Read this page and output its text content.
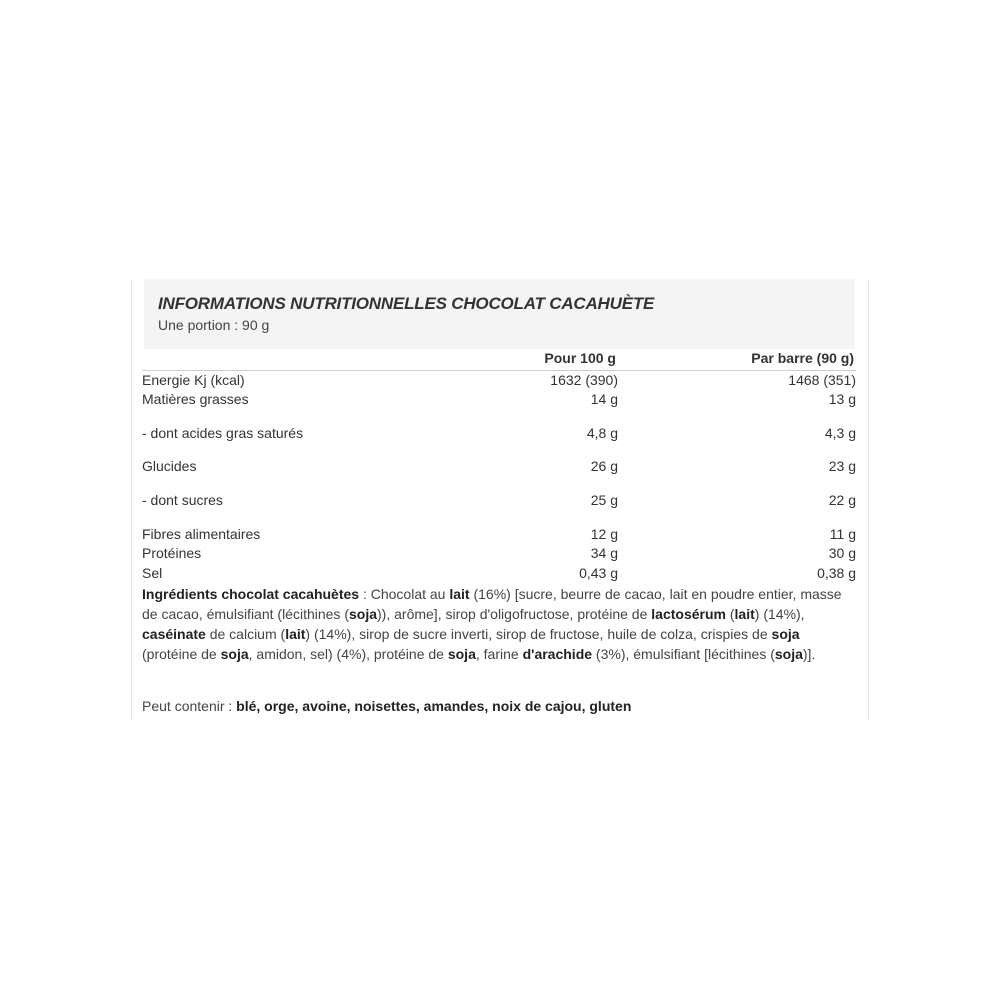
INFORMATIONS NUTRITIONNELLES CHOCOLAT CACAHUÈTE
Une portion : 90 g
Pour 100 g	Par barre (90 g)
Energie Kj (kcal)	1632 (390)	1468 (351)
Matières grasses	14 g	13 g
- dont acides gras saturés	4,8 g	4,3 g
Glucides	26 g	23 g
- dont sucres	25 g	22 g
Fibres alimentaires	12 g	11 g
Protéines	34 g	30 g
Sel	0,43 g	0,38 g
Ingrédients chocolat cacahuètes : Chocolat au lait (16%) [sucre, beurre de cacao, lait en poudre entier, masse de cacao, émulsifiant (lécithines (soja)), arôme], sirop d'oligofructose, protéine de lactosérum (lait) (14%), caséinate de calcium (lait) (14%), sirop de sucre inverti, sirop de fructose, huile de colza, crispies de soja (protéine de soja, amidon, sel) (4%), protéine de soja, farine d'arachide (3%), émulsifiant [lécithines (soja)].
Peut contenir : blé, orge, avoine, noisettes, amandes, noix de cajou, gluten
